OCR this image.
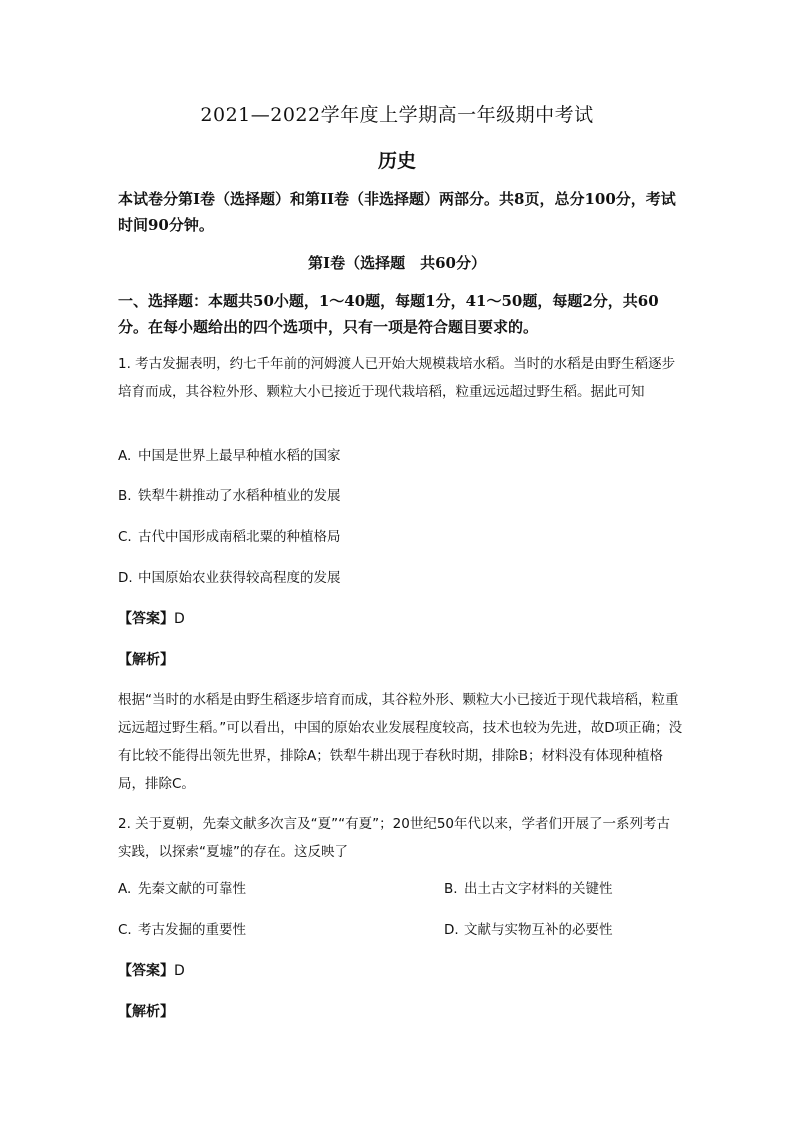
2021—2022学年度上学期高一年级期中考试
历史
本试卷分第I卷（选择题）和第II卷（非选择题）两部分。共8页，总分100分，考试时间90分钟。
第I卷（选择题　共60分）
一、选择题：本题共50小题，1～40题，每题1分，41～50题，每题2分，共60分。在每小题给出的四个选项中，只有一项是符合题目要求的。
1. 考古发掘表明，约七千年前的河姆渡人已开始大规模栽培水稻。当时的水稻是由野生稻逐步培育而成，其谷粒外形、颗粒大小已接近于现代栽培稻，粒重远远超过野生稻。据此可知
A. 中国是世界上最早种植水稻的国家
B. 铁犁牛耕推动了水稻种植业的发展
C. 古代中国形成南稻北粟的种植格局
D. 中国原始农业获得较高程度的发展
【答案】D
【解析】
根据“当时的水稻是由野生稻逐步培育而成，其谷粒外形、颗粒大小已接近于现代栽培稻，粒重远远超过野生稻。”可以看出，中国的原始农业发展程度较高，技术也较为先进，故D项正确；没有比较不能得出领先世界，排除A；铁犁牛耕出现于春秋时期，排除B；材料没有体现种植格局，排除C。
2. 关于夏朝，先秦文献多次言及“夏”“有夏”；20世纪50年代以来，学者们开展了一系列考古实践，以探索“夏墟”的存在。这反映了
A. 先秦文献的可靠性	B. 出土古文字材料的关键性
C. 考古发掘的重要性	D. 文献与实物互补的必要性
【答案】D
【解析】
